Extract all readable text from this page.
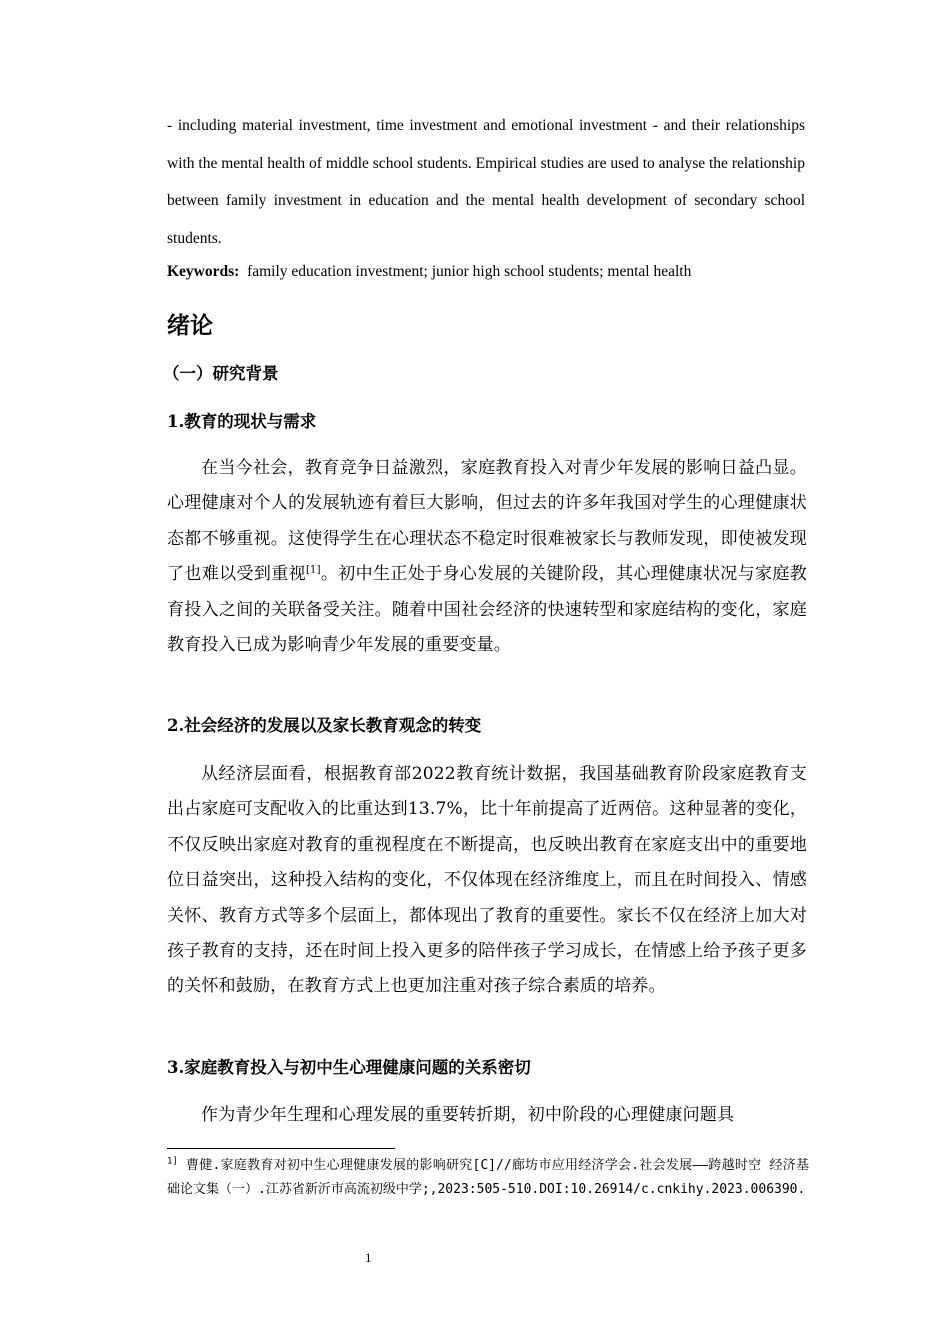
- including material investment, time investment and emotional investment - and their relationships with the mental health of middle school students. Empirical studies are used to analyse the relationship between family investment in education and the mental health development of secondary school students.
Keywords: family education investment; junior high school students; mental health
绪论
（一）研究背景
1.教育的现状与需求
在当今社会，教育竞争日益激烈，家庭教育投入对青少年发展的影响日益凸显。心理健康对个人的发展轨迹有着巨大影响，但过去的许多年我国对学生的心理健康状态都不够重视。这使得学生在心理状态不稳定时很难被家长与教师发现，即使被发现了也难以受到重视[1]。初中生正处于身心发展的关键阶段，其心理健康状况与家庭教育投入之间的关联备受关注。随着中国社会经济的快速转型和家庭结构的变化，家庭教育投入已成为影响青少年发展的重要变量。
2.社会经济的发展以及家长教育观念的转变
从经济层面看，根据教育部2022教育统计数据，我国基础教育阶段家庭教育支出占家庭可支配收入的比重达到13.7%，比十年前提高了近两倍。这种显著的变化，不仅反映出家庭对教育的重视程度在不断提高，也反映出教育在家庭支出中的重要地位日益突出，这种投入结构的变化，不仅体现在经济维度上，而且在时间投入、情感关怀、教育方式等多个层面上，都体现出了教育的重要性。家长不仅在经济上加大对孩子教育的支持，还在时间上投入更多的陪伴孩子学习成长，在情感上给予孩子更多的关怀和鼓励，在教育方式上也更加注重对孩子综合素质的培养。
3.家庭教育投入与初中生心理健康问题的关系密切
作为青少年生理和心理发展的重要转折期，初中阶段的心理健康问题具
$^{1]}$ 曹健.家庭教育对初中生心理健康发展的影响研究[C]//廊坊市应用经济学会.社会发展——跨越时空 经济基础论文集（一）.江苏省新沂市高流初级中学;,2023:505-510.DOI:10.26914/c.cnkihy.2023.006390.
1
